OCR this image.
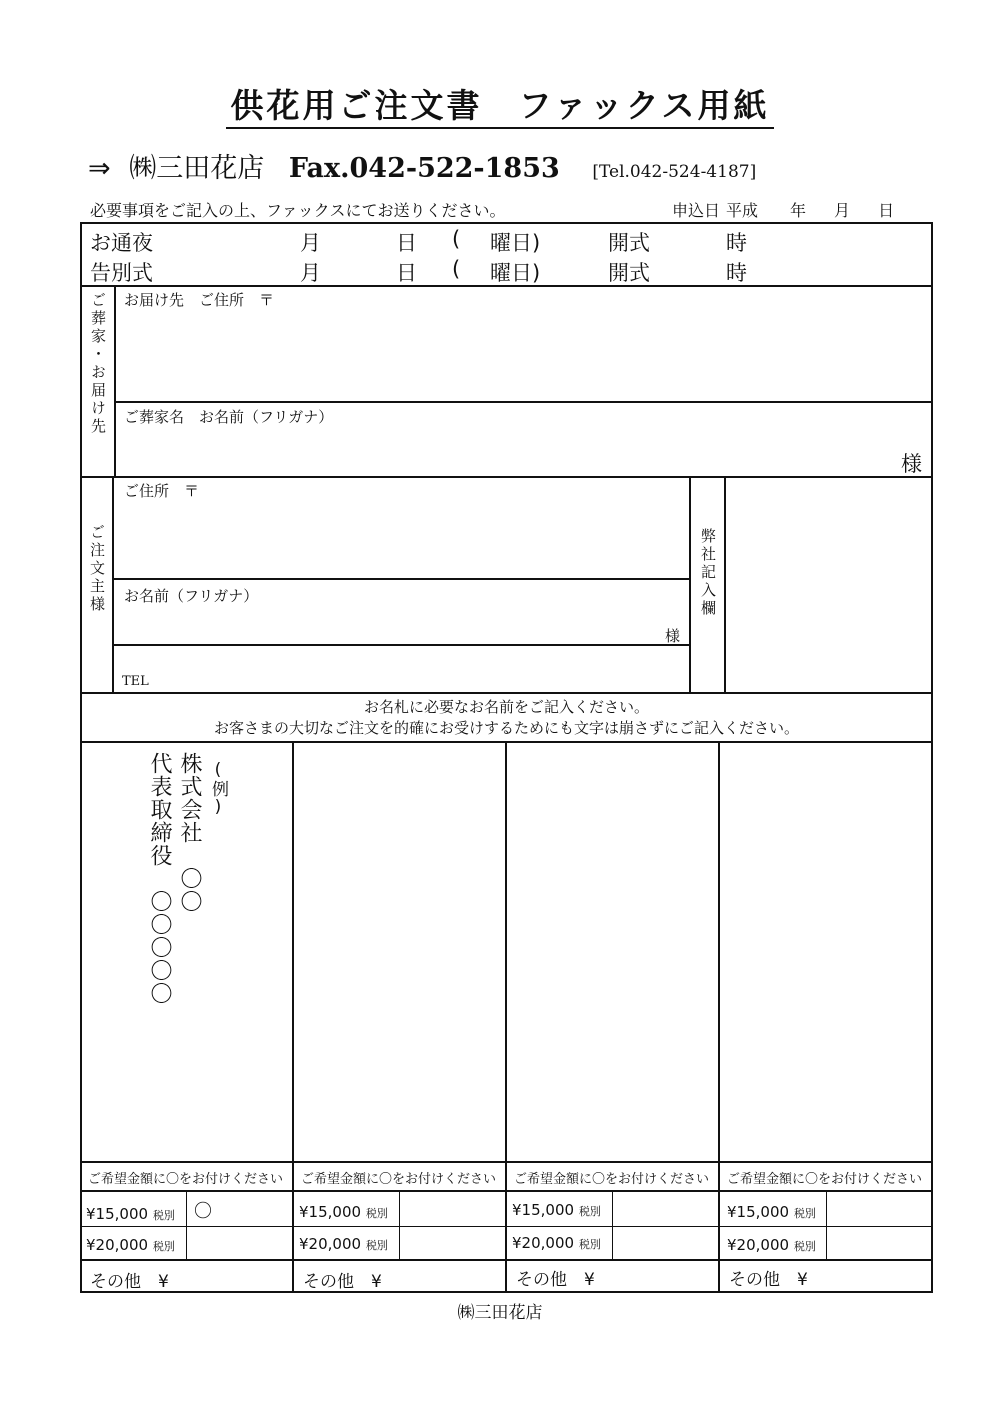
供花用ご注文書　ファックス用紙
⇒ ㈱三田花店 Fax.042-522-1853 [Tel.042-524-4187]
必要事項をご記入の上、ファックスにてお送りください。	申込日 平成 年 月 日
お通夜	月	日 ( 曜日)	開式	時
告別式	月	日 ( 曜日)	開式	時
ご葬家・お届け先 お届け先　ご住所　〒
ご葬家名　お名前（フリガナ）
様
ご注文主様
ご住所　〒
お名前（フリガナ）
様
TEL
弊社記入欄
お名札に必要なお名前をご記入ください。
お客さまの大切なご注文を的確にお受けするためにも文字は崩さずにご記入ください。
(例)
株式会社　〇〇
代表取締役　〇〇〇〇〇
ご希望金額に〇をお付けください
¥15,000 税別 〇
¥20,000 税別
その他　¥
ご希望金額に〇をお付けください
¥15,000 税別
¥20,000 税別
その他　¥
ご希望金額に〇をお付けください
¥15,000 税別
¥20,000 税別
その他　¥
ご希望金額に〇をお付けください
¥15,000 税別
¥20,000 税別
その他　¥
㈱三田花店
